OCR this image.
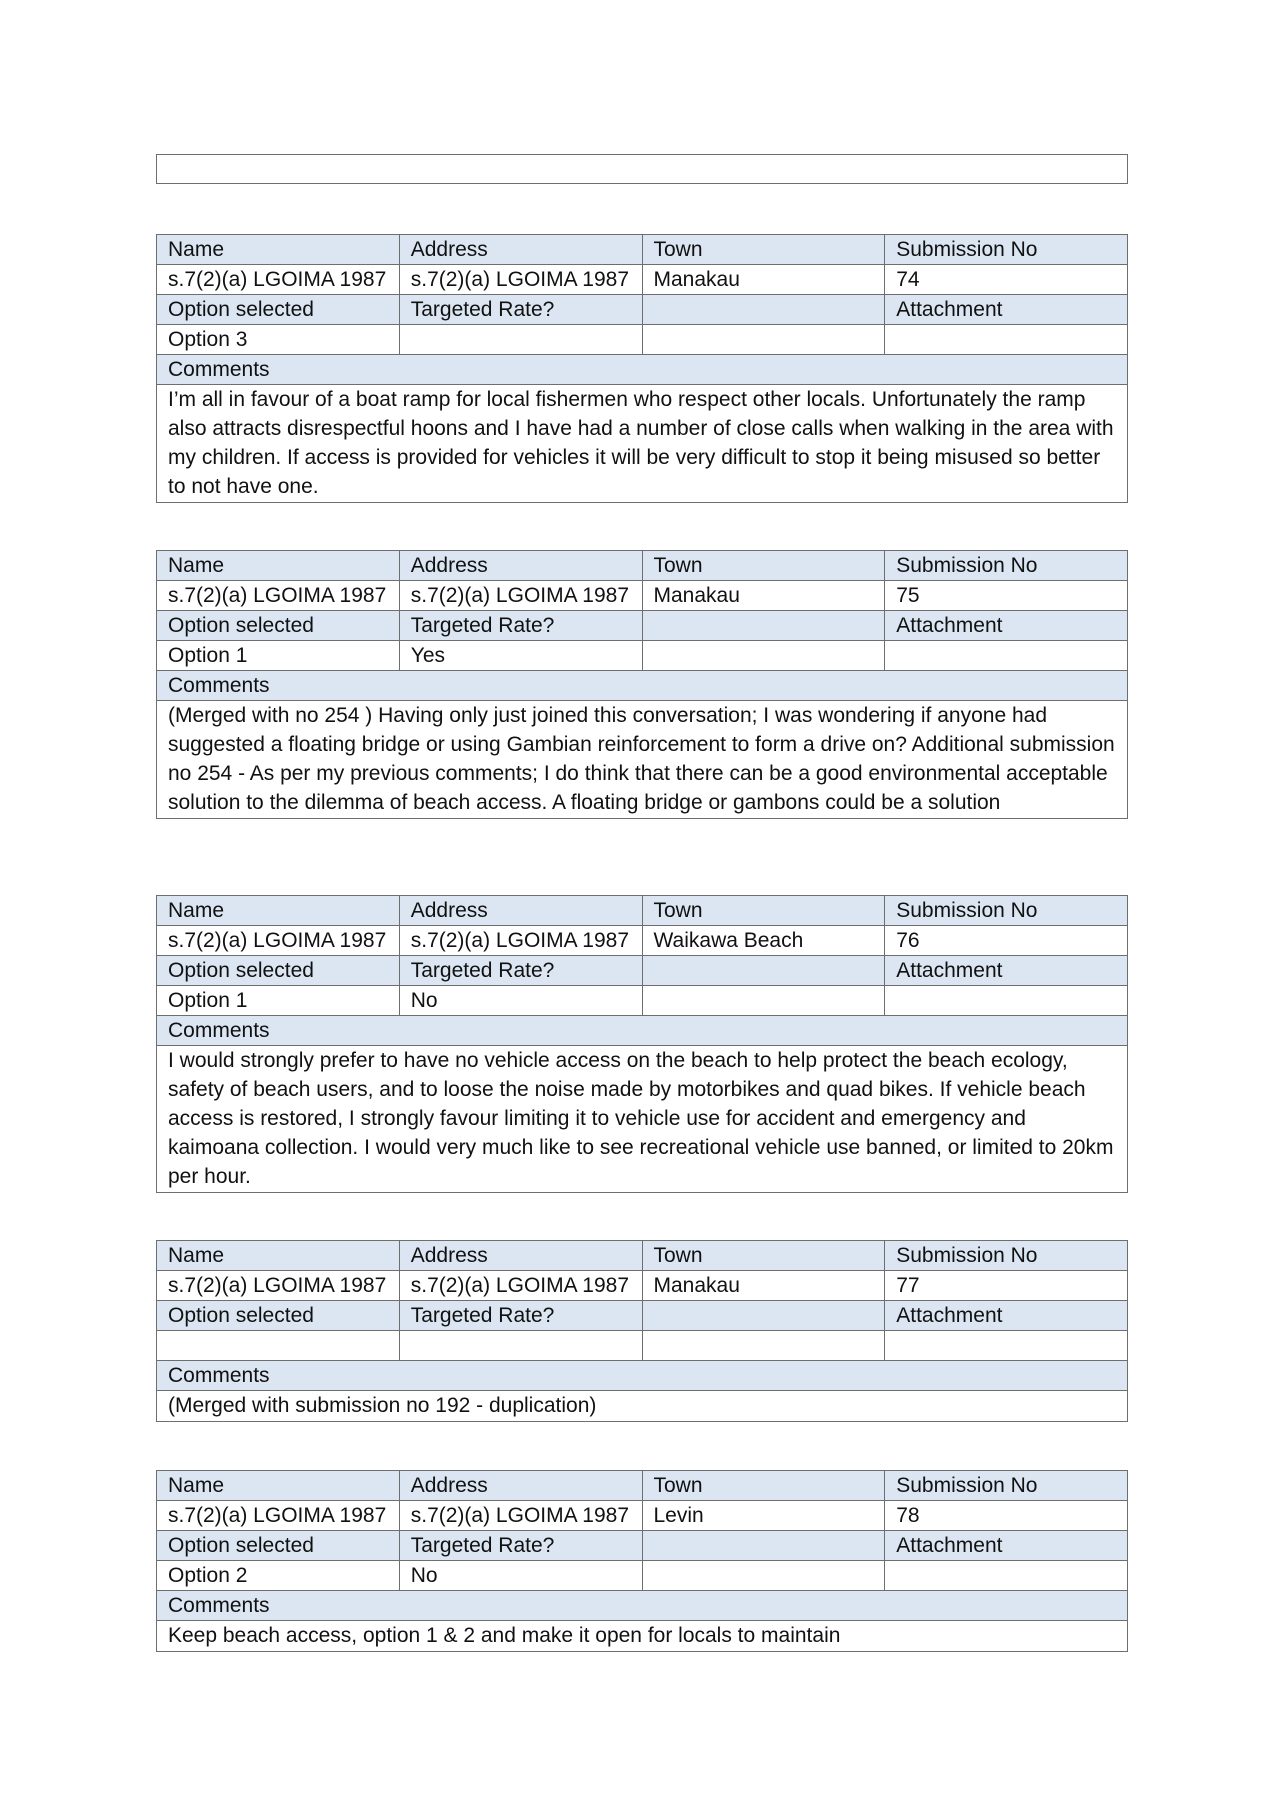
Name	Address	Town	Submission No
s.7(2)(a) LGOIMA 1987	s.7(2)(a) LGOIMA 1987	Manakau	74
Option selected	Targeted Rate?		Attachment
Option 3			
Comments			
I’m all in favour of a boat ramp for local fishermen who respect other locals. Unfortunately the ramp also attracts disrespectful hoons and I have had a number of close calls when walking in the area with my children. If access is provided for vehicles it will be very difficult to stop it being misused so better to not have one.			
Name	Address	Town	Submission No
s.7(2)(a) LGOIMA 1987	s.7(2)(a) LGOIMA 1987	Manakau	75
Option selected	Targeted Rate?		Attachment
Option 1	Yes		
Comments			
(Merged with no 254 ) Having only just joined this conversation; I was wondering if anyone had suggested a floating bridge or using Gambian reinforcement to form a drive on? Additional submission no 254 - As per my previous comments; I do think that there can be a good environmental acceptable solution to the dilemma of beach access. A floating bridge or gambons could be a solution			
Name	Address	Town	Submission No
s.7(2)(a) LGOIMA 1987	s.7(2)(a) LGOIMA 1987	Waikawa Beach	76
Option selected	Targeted Rate?		Attachment
Option 1	No		
Comments			
I would strongly prefer to have no vehicle access on the beach to help protect the beach ecology, safety of beach users, and to loose the noise made by motorbikes and quad bikes. If vehicle beach access is restored, I strongly favour limiting it to vehicle use for accident and emergency and kaimoana collection. I would very much like to see recreational vehicle use banned, or limited to 20km per hour.			
Name	Address	Town	Submission No
s.7(2)(a) LGOIMA 1987	s.7(2)(a) LGOIMA 1987	Manakau	77
Option selected	Targeted Rate?		Attachment

Comments			
(Merged with submission no 192 - duplication)			
Name	Address	Town	Submission No
s.7(2)(a) LGOIMA 1987	s.7(2)(a) LGOIMA 1987	Levin	78
Option selected	Targeted Rate?		Attachment
Option 2	No		
Comments			
Keep beach access, option 1 & 2 and make it open for locals to maintain			
